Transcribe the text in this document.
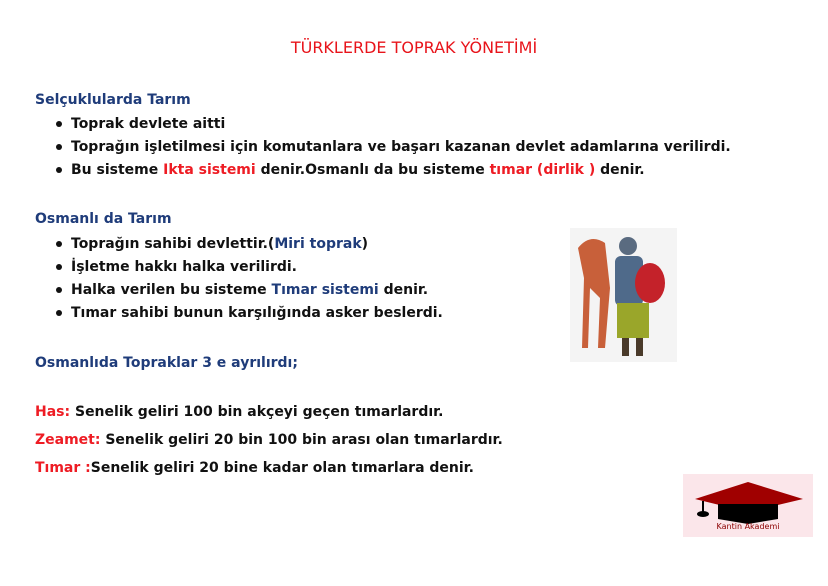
TÜRKLERDE TOPRAK YÖNETİMİ
Selçuklularda Tarım
Toprak devlete aitti
Toprağın işletilmesi için komutanlara ve başarı kazanan devlet adamlarına verilirdi.
Bu sisteme Ikta sistemi denir.Osmanlı da bu sisteme tımar (dirlik ) denir.
Osmanlı da Tarım
Toprağın sahibi devlettir.(Miri toprak)
İşletme hakkı halka verilirdi.
Halka verilen bu sisteme Tımar sistemi denir.
Tımar sahibi bunun karşılığında asker beslerdi.
Osmanlıda Topraklar 3 e ayrılırdı;
Has: Senelik geliri 100 bin akçeyi geçen tımarlardır.
Zeamet: Senelik geliri 20 bin 100 bin arası olan tımarlardır.
Tımar :Senelik geliri 20 bine kadar olan tımarlara denir.
Kantin Akademi
